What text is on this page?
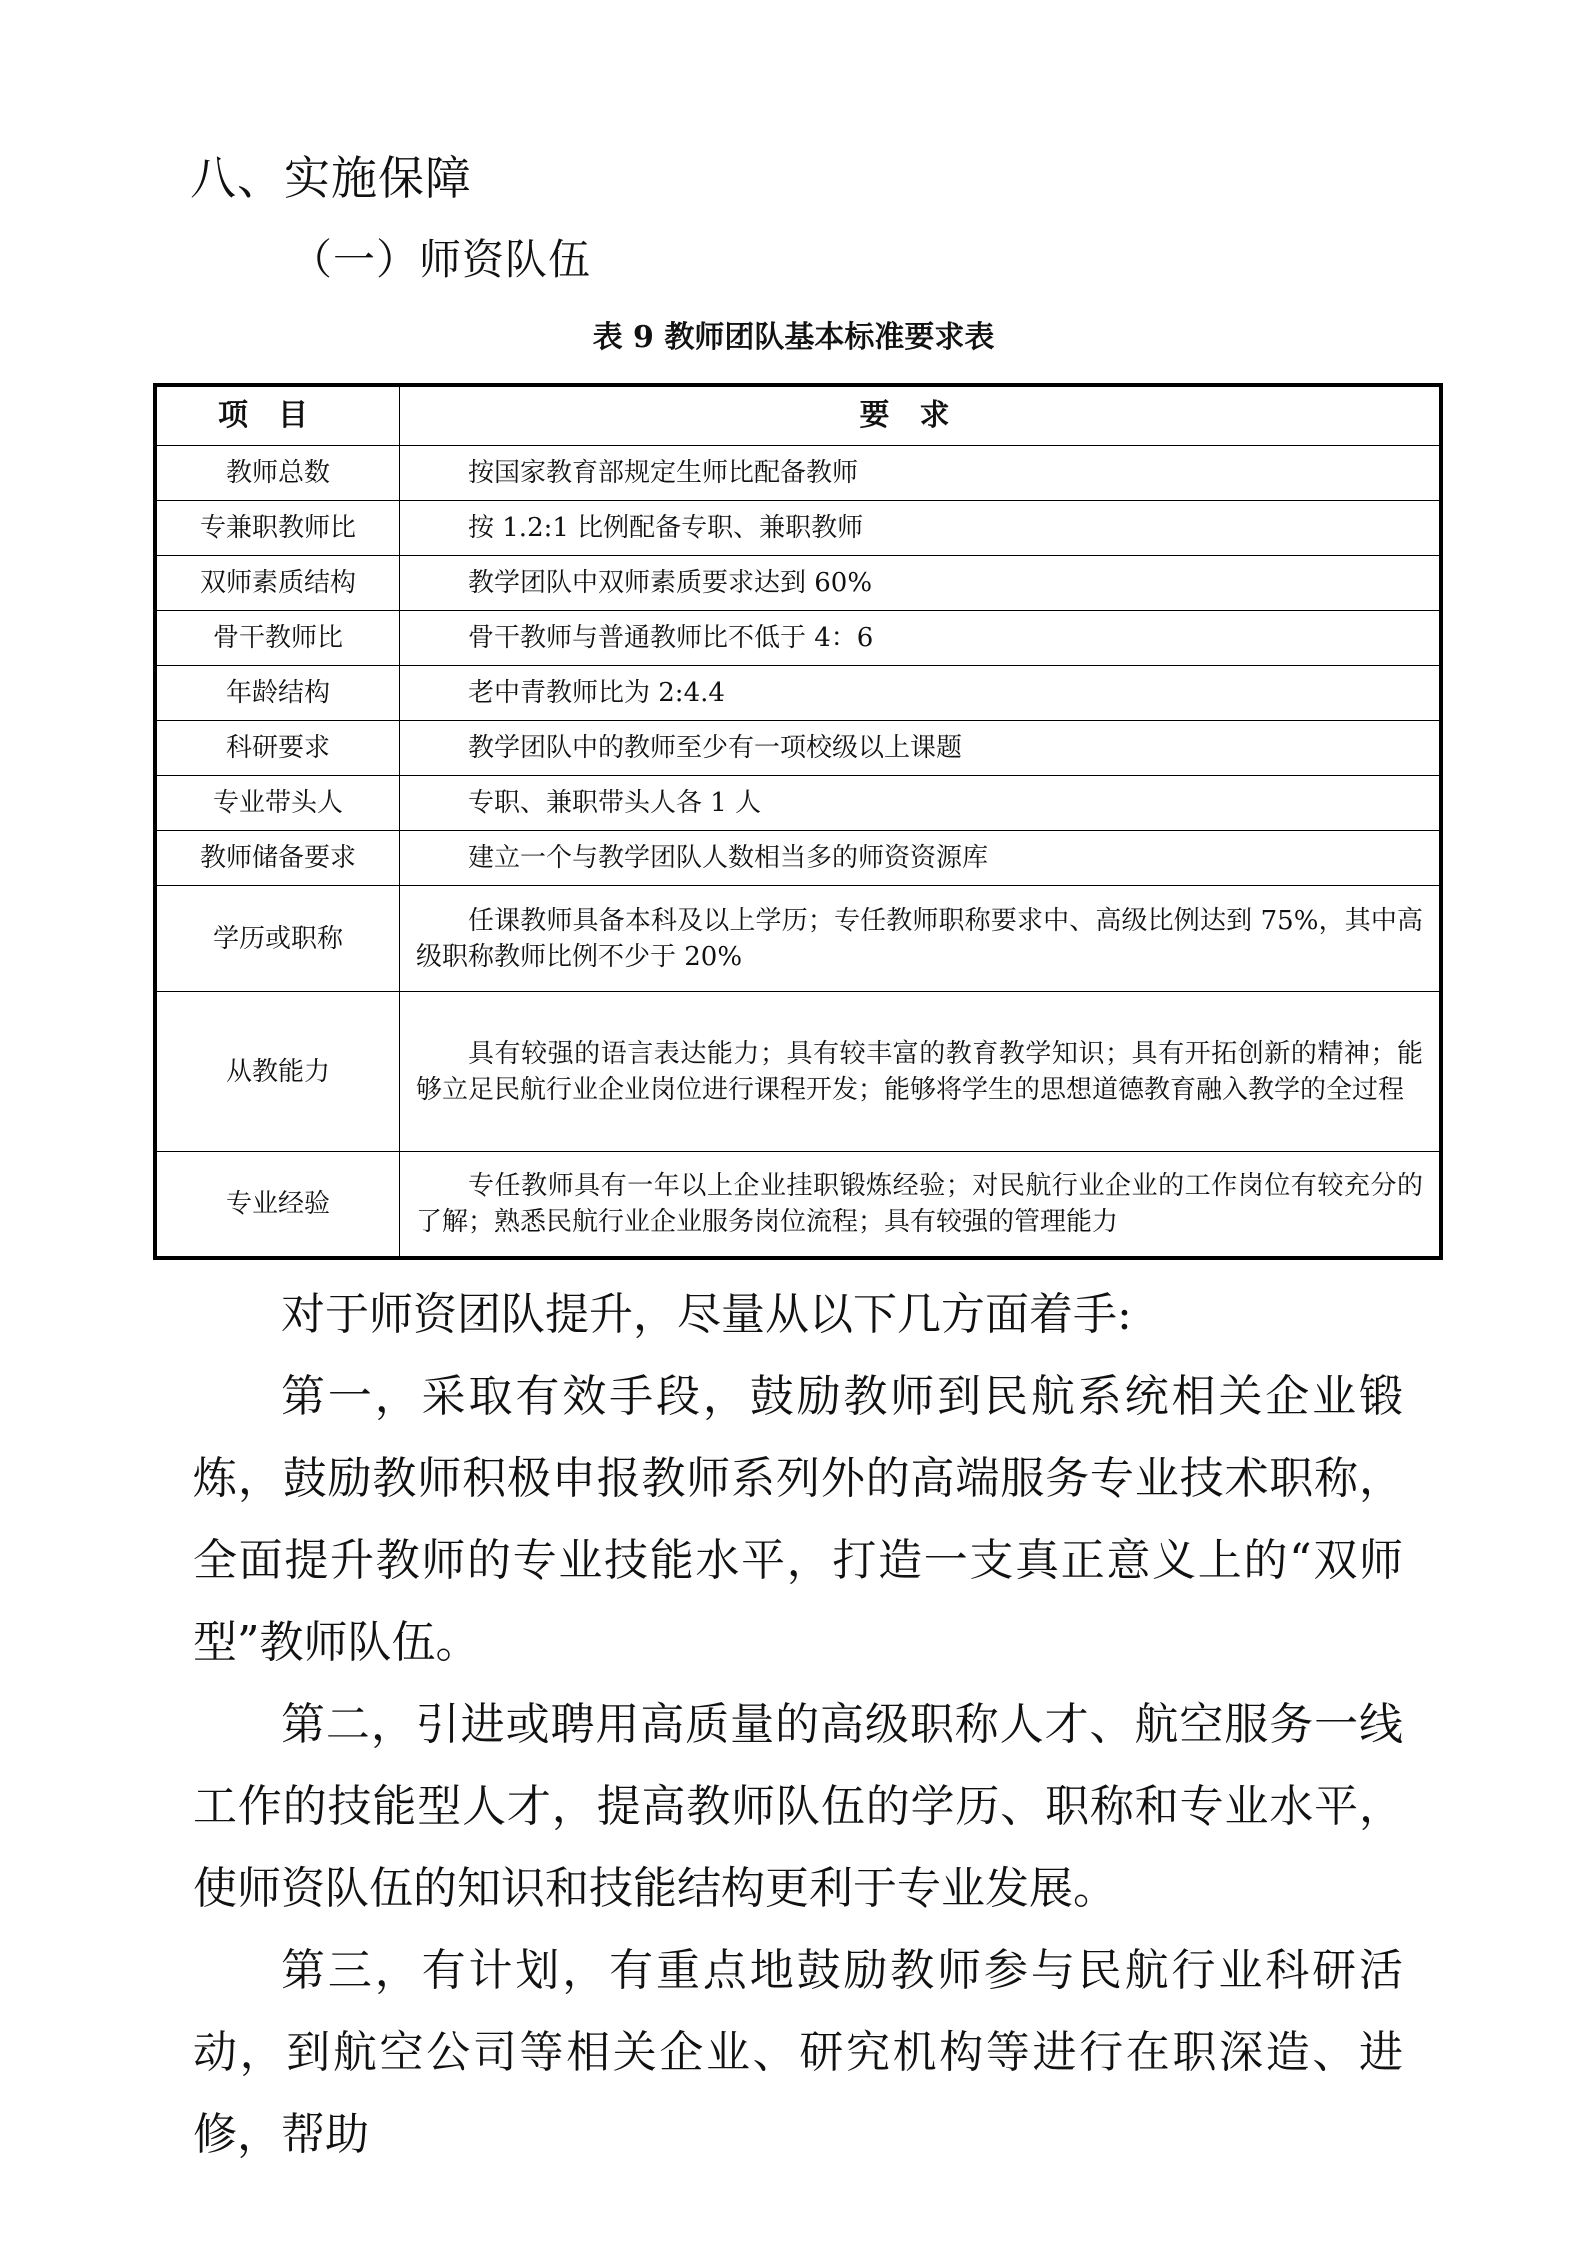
八、实施保障
（一）师资队伍
表 9 教师团队基本标准要求表
项目	要求
教师总数	按国家教育部规定生师比配备教师
专兼职教师比	按 1.2:1 比例配备专职、兼职教师
双师素质结构	教学团队中双师素质要求达到 60%
骨干教师比	骨干教师与普通教师比不低于 4：6
年龄结构	老中青教师比为 2:4.4
科研要求	教学团队中的教师至少有一项校级以上课题
专业带头人	专职、兼职带头人各 1 人
教师储备要求	建立一个与教学团队人数相当多的师资资源库
学历或职称	任课教师具备本科及以上学历；专任教师职称要求中、高级比例达到 75%，其中高级职称教师比例不少于 20%
从教能力	具有较强的语言表达能力；具有较丰富的教育教学知识；具有开拓创新的精神；能够立足民航行业企业岗位进行课程开发；能够将学生的思想道德教育融入教学的全过程
专业经验	专任教师具有一年以上企业挂职锻炼经验；对民航行业企业的工作岗位有较充分的了解；熟悉民航行业企业服务岗位流程；具有较强的管理能力

对于师资团队提升，尽量从以下几方面着手:

第一，采取有效手段，鼓励教师到民航系统相关企业锻炼，鼓励教师积极申报教师系列外的高端服务专业技术职称，全面提升教师的专业技能水平，打造一支真正意义上的“双师型”教师队伍。

第二，引进或聘用高质量的高级职称人才、航空服务一线工作的技能型人才，提高教师队伍的学历、职称和专业水平，使师资队伍的知识和技能结构更利于专业发展。

第三，有计划，有重点地鼓励教师参与民航行业科研活动，到航空公司等相关企业、研究机构等进行在职深造、进修，帮助
